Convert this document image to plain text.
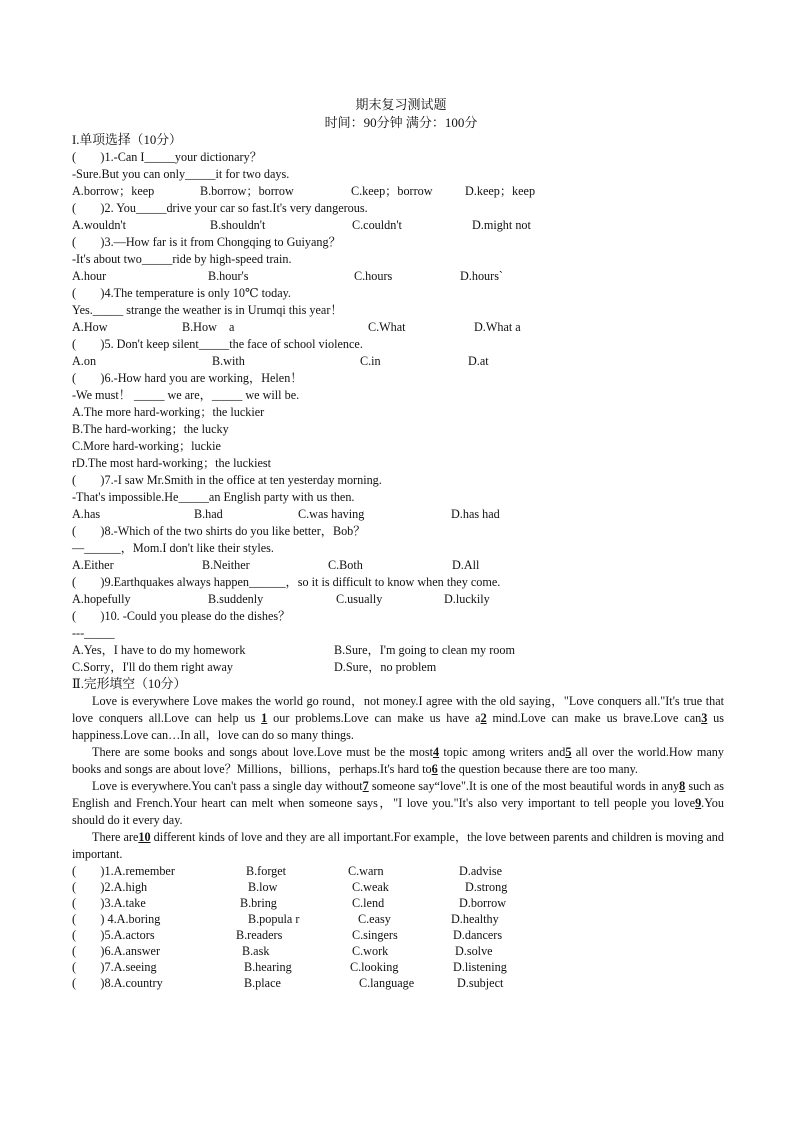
期末复习测试题
时间：90分钟 满分：100分
I.单项选择（10分）
(        )1.-Can I_____your dictionary？
-Sure.But you can only_____it for two days.
A.borrow；keep	B.borrow；borrow	C.keep；borrow	D.keep；keep
(        )2. You_____drive your car so fast.It's very dangerous.
A.wouldn't	B.shouldn't	C.couldn't	D.might not
(        )3.—How far is it from Chongqing to Guiyang？
-It's about two_____ride by high-speed train.
A.hour	B.hour's	C.hours	D.hours`
(        )4.The temperature is only 10℃ today.
Yes._____ strange the weather is in Urumqi this year！
A.How	B.How    a	C.What	D.What a
(        )5. Don't keep silent_____the face of school violence.
A.on	B.with	C.in	D.at
(        )6.-How hard you are working，Helen！
-We must！ _____ we are，_____ we will be.
A.The more hard-working；the luckier
B.The hard-working；the lucky
C.More hard-working；luckie
rD.The most hard-working；the luckiest
(        )7.-I saw Mr.Smith in the office at ten yesterday morning.
-That's impossible.He_____an English party with us then.
A.has	B.had	C.was having	D.has had
(        )8.-Which of the two shirts do you like better，Bob？
—______，Mom.I don't like their styles.
A.Either	B.Neither	C.Both	D.All
(        )9.Earthquakes always happen______，so it is difficult to know when they come.
A.hopefully	B.suddenly	C.usually	D.luckily
(        )10. -Could you please do the dishes？
---_____
A.Yes，I have to do my homework	B.Sure，I'm going to clean my room
C.Sorry，I'll do them right away	D.Sure，no problem
Ⅱ.完形填空（10分）
Love is everywhere Love makes the world go round，not money.I agree with the old saying，"Love conquers all."It's true that love conquers all.Love can help us 1 our problems.Love can make us have a2 mind.Love can make us brave.Love can3 us happiness.Love can…In all，love can do so many things.
There are some books and songs about love.Love must be the most4 topic among writers and5 all over the world.How many books and songs are about love？Millions，billions，perhaps.It's hard to6 the question because there are too many.
Love is everywhere.You can't pass a single day without7 someone say“love".It is one of the most beautiful words in any8 such as English and French.Your heart can melt when someone says，"I love you."It's also very important to tell people you love9.You should do it every day.
There are10 different kinds of love and they are all important.For example，the love between parents and children is moving and important.
(        )1.A.remember	B.forget	C.warn	D.advise
(        )2.A.high	B.low	C.weak	D.strong
(        )3.A.take	B.bring	C.lend	D.borrow
(        ) 4.A.boring	B.popula r	C.easy	D.healthy
(        )5.A.actors	B.readers	C.singers	D.dancers
(        )6.A.answer	B.ask	C.work	D.solve
(        )7.A.seeing	B.hearing	C.looking	D.listening
(        )8.A.country	B.place	C.language	D.subject
